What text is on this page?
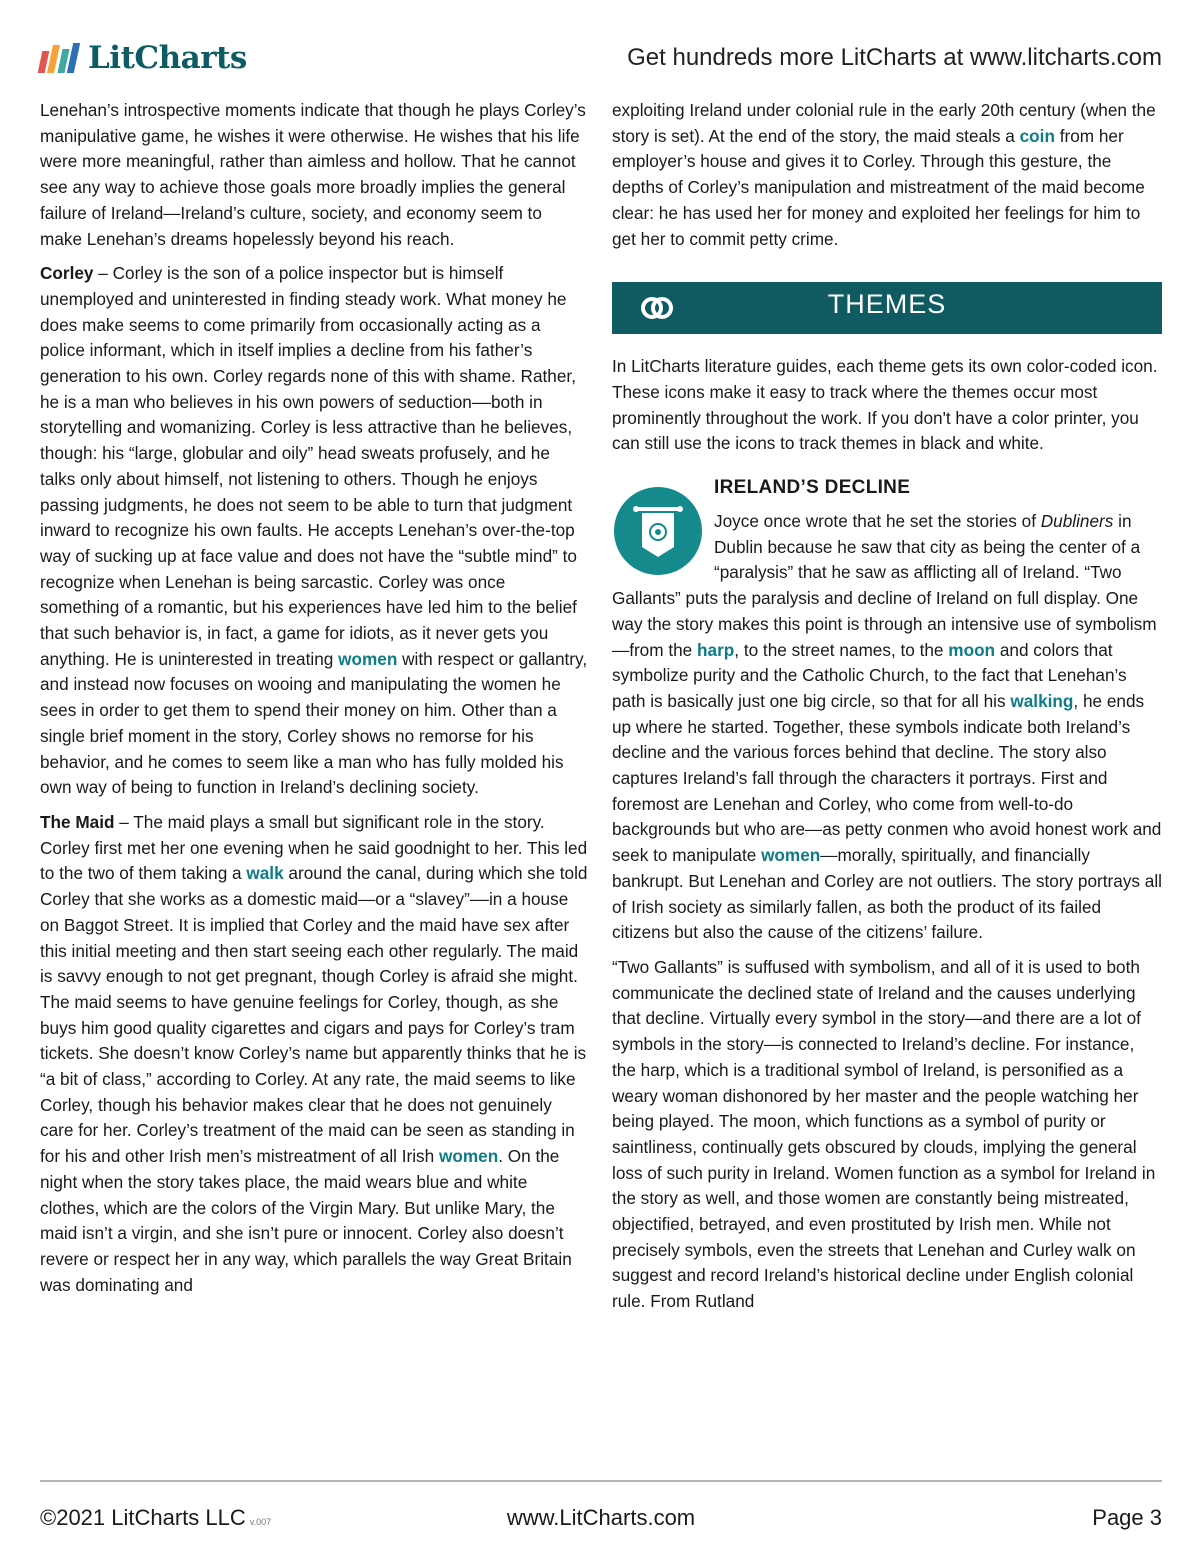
LitCharts	Get hundreds more LitCharts at www.litcharts.com

Lenehan’s introspective moments indicate that though he plays Corley’s manipulative game, he wishes it were otherwise. He wishes that his life were more meaningful, rather than aimless and hollow. That he cannot see any way to achieve those goals more broadly implies the general failure of Ireland—Ireland’s culture, society, and economy seem to make Lenehan’s dreams hopelessly beyond his reach.

Corley – Corley is the son of a police inspector but is himself unemployed and uninterested in finding steady work. What money he does make seems to come primarily from occasionally acting as a police informant, which in itself implies a decline from his father’s generation to his own. Corley regards none of this with shame. Rather, he is a man who believes in his own powers of seduction––both in storytelling and womanizing. Corley is less attractive than he believes, though: his “large, globular and oily” head sweats profusely, and he talks only about himself, not listening to others. Though he enjoys passing judgments, he does not seem to be able to turn that judgment inward to recognize his own faults. He accepts Lenehan’s over-the-top way of sucking up at face value and does not have the “subtle mind” to recognize when Lenehan is being sarcastic. Corley was once something of a romantic, but his experiences have led him to the belief that such behavior is, in fact, a game for idiots, as it never gets you anything. He is uninterested in treating women with respect or gallantry, and instead now focuses on wooing and manipulating the women he sees in order to get them to spend their money on him. Other than a single brief moment in the story, Corley shows no remorse for his behavior, and he comes to seem like a man who has fully molded his own way of being to function in Ireland’s declining society.

The Maid – The maid plays a small but significant role in the story. Corley first met her one evening when he said goodnight to her. This led to the two of them taking a walk around the canal, during which she told Corley that she works as a domestic maid—or a “slavey”––in a house on Baggot Street. It is implied that Corley and the maid have sex after this initial meeting and then start seeing each other regularly. The maid is savvy enough to not get pregnant, though Corley is afraid she might. The maid seems to have genuine feelings for Corley, though, as she buys him good quality cigarettes and cigars and pays for Corley’s tram tickets. She doesn’t know Corley’s name but apparently thinks that he is “a bit of class,” according to Corley. At any rate, the maid seems to like Corley, though his behavior makes clear that he does not genuinely care for her. Corley’s treatment of the maid can be seen as standing in for his and other Irish men’s mistreatment of all Irish women. On the night when the story takes place, the maid wears blue and white clothes, which are the colors of the Virgin Mary. But unlike Mary, the maid isn’t a virgin, and she isn’t pure or innocent. Corley also doesn’t revere or respect her in any way, which parallels the way Great Britain was dominating and

exploiting Ireland under colonial rule in the early 20th century (when the story is set). At the end of the story, the maid steals a coin from her employer’s house and gives it to Corley. Through this gesture, the depths of Corley’s manipulation and mistreatment of the maid become clear: he has used her for money and exploited her feelings for him to get her to commit petty crime.

THEMES

In LitCharts literature guides, each theme gets its own color-coded icon. These icons make it easy to track where the themes occur most prominently throughout the work. If you don't have a color printer, you can still use the icons to track themes in black and white.

IRELAND’S DECLINE

Joyce once wrote that he set the stories of Dubliners in Dublin because he saw that city as being the center of a “paralysis” that he saw as afflicting all of Ireland. “Two Gallants” puts the paralysis and decline of Ireland on full display. One way the story makes this point is through an intensive use of symbolism—from the harp, to the street names, to the moon and colors that symbolize purity and the Catholic Church, to the fact that Lenehan’s path is basically just one big circle, so that for all his walking, he ends up where he started. Together, these symbols indicate both Ireland’s decline and the various forces behind that decline. The story also captures Ireland’s fall through the characters it portrays. First and foremost are Lenehan and Corley, who come from well-to-do backgrounds but who are—as petty conmen who avoid honest work and seek to manipulate women—morally, spiritually, and financially bankrupt. But Lenehan and Corley are not outliers. The story portrays all of Irish society as similarly fallen, as both the product of its failed citizens but also the cause of the citizens’ failure.

“Two Gallants” is suffused with symbolism, and all of it is used to both communicate the declined state of Ireland and the causes underlying that decline. Virtually every symbol in the story—and there are a lot of symbols in the story—is connected to Ireland’s decline. For instance, the harp, which is a traditional symbol of Ireland, is personified as a weary woman dishonored by her master and the people watching her being played. The moon, which functions as a symbol of purity or saintliness, continually gets obscured by clouds, implying the general loss of such purity in Ireland. Women function as a symbol for Ireland in the story as well, and those women are constantly being mistreated, objectified, betrayed, and even prostituted by Irish men. While not precisely symbols, even the streets that Lenehan and Curley walk on suggest and record Ireland’s historical decline under English colonial rule. From Rutland

©2021 LitCharts LLC v.007	www.LitCharts.com	Page 3
